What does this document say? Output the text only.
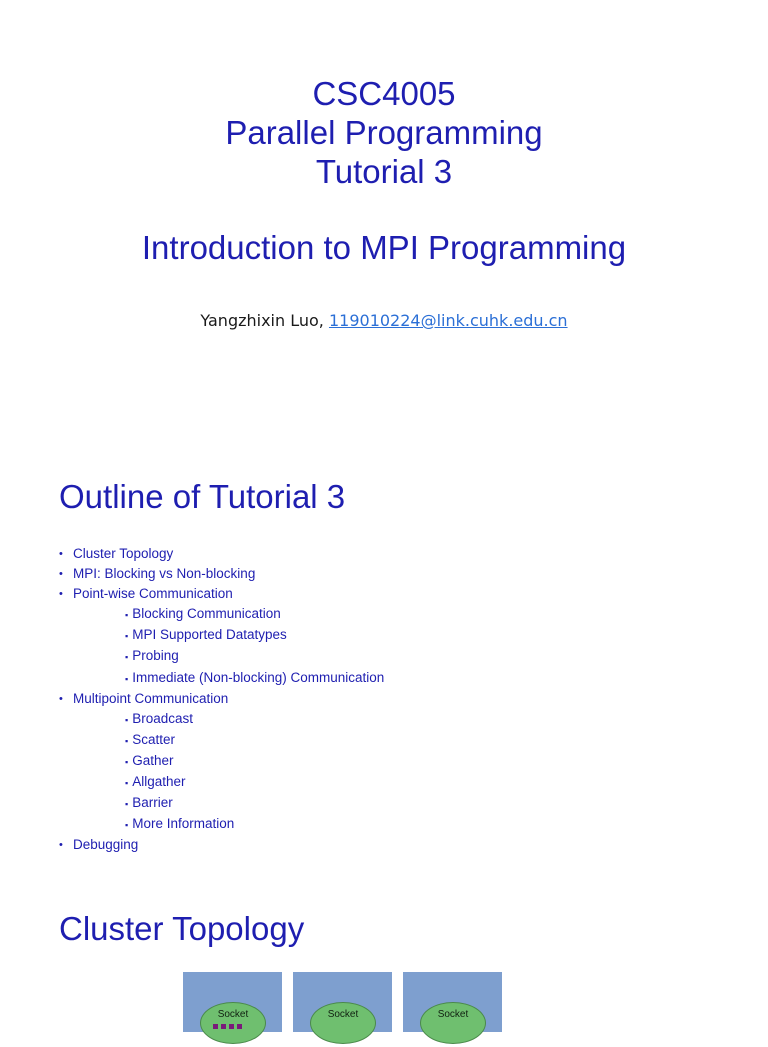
CSC4005
Parallel Programming
Tutorial 3
Introduction to MPI Programming
Yangzhixin Luo, 119010224@link.cuhk.edu.cn
Outline of Tutorial 3
• Cluster Topology
• MPI: Blocking vs Non-blocking
• Point-wise Communication
▪ Blocking Communication
▪ MPI Supported Datatypes
▪ Probing
▪ Immediate (Non-blocking) Communication
• Multipoint Communication
▪ Broadcast
▪ Scatter
▪ Gather
▪ Allgather
▪ Barrier
▪ More Information
• Debugging
Cluster Topology
Socket	Socket	Socket
